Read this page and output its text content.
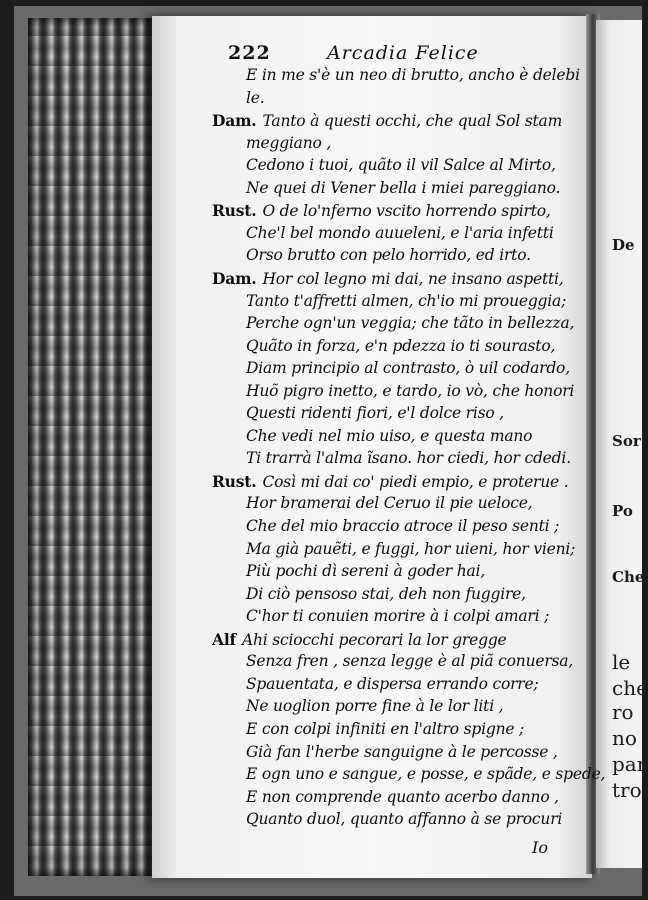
222	Arcadia Felice
E in me s'è un neo di brutto, ancho è delebi
le.
Dam. Tanto à questi occhi, che qual Sol stam
meggiano ,
Cedono i tuoi, quãto il vil Salce al Mirto,
Ne quei di Vener bella i miei pareggiano.
Rust. O de lo'nferno vscito horrendo spirto,
Che'l bel mondo auueleni, e l'aria infetti
Orso brutto con pelo horrido, ed irto.
Dam. Hor col legno mi dai, ne insano aspetti,
Tanto t'affretti almen, ch'io mi proueggia;
Perche ogn'un veggia; che tãto in bellezza,
Quãto in forza, e'n pdezza io ti sourasto,
Diam principio al contrasto, ò uil codardo,
Huõ pigro inetto, e tardo, io vò, che honori
Questi ridenti fiori, e'l dolce riso ,
Che vedi nel mio uiso, e questa mano
Ti trarrà l'alma ĩsano. hor ciedi, hor cdedi.
Rust. Così mi dai co' piedi empio, e proterue .
Hor bramerai del Ceruo il pie ueloce,
Che del mio braccio atroce il peso senti ;
Ma già pauẽti, e fuggi, hor uieni, hor vieni;
Più pochi dì sereni à goder hai,
Di ciò pensoso stai, deh non fuggire,
C'hor ti conuien morire à i colpi amari ;
Alf Ahi sciocchi pecorari la lor gregge
Senza fren , senza legge è al piã conuersa,
Spauentata, e dispersa errando corre;
Ne uoglion porre fine à le lor liti ,
E con colpi infiniti en l'altro spigne ;
Già fan l'herbe sanguigne à le percosse ,
E ogn uno e sangue, e posse, e spãde, e spede,
E non comprende quanto acerbo danno ,
Quanto duol, quanto affanno à se procuri
Io
De
Sor
Po
Che
le
che
ro
no
par
tro
